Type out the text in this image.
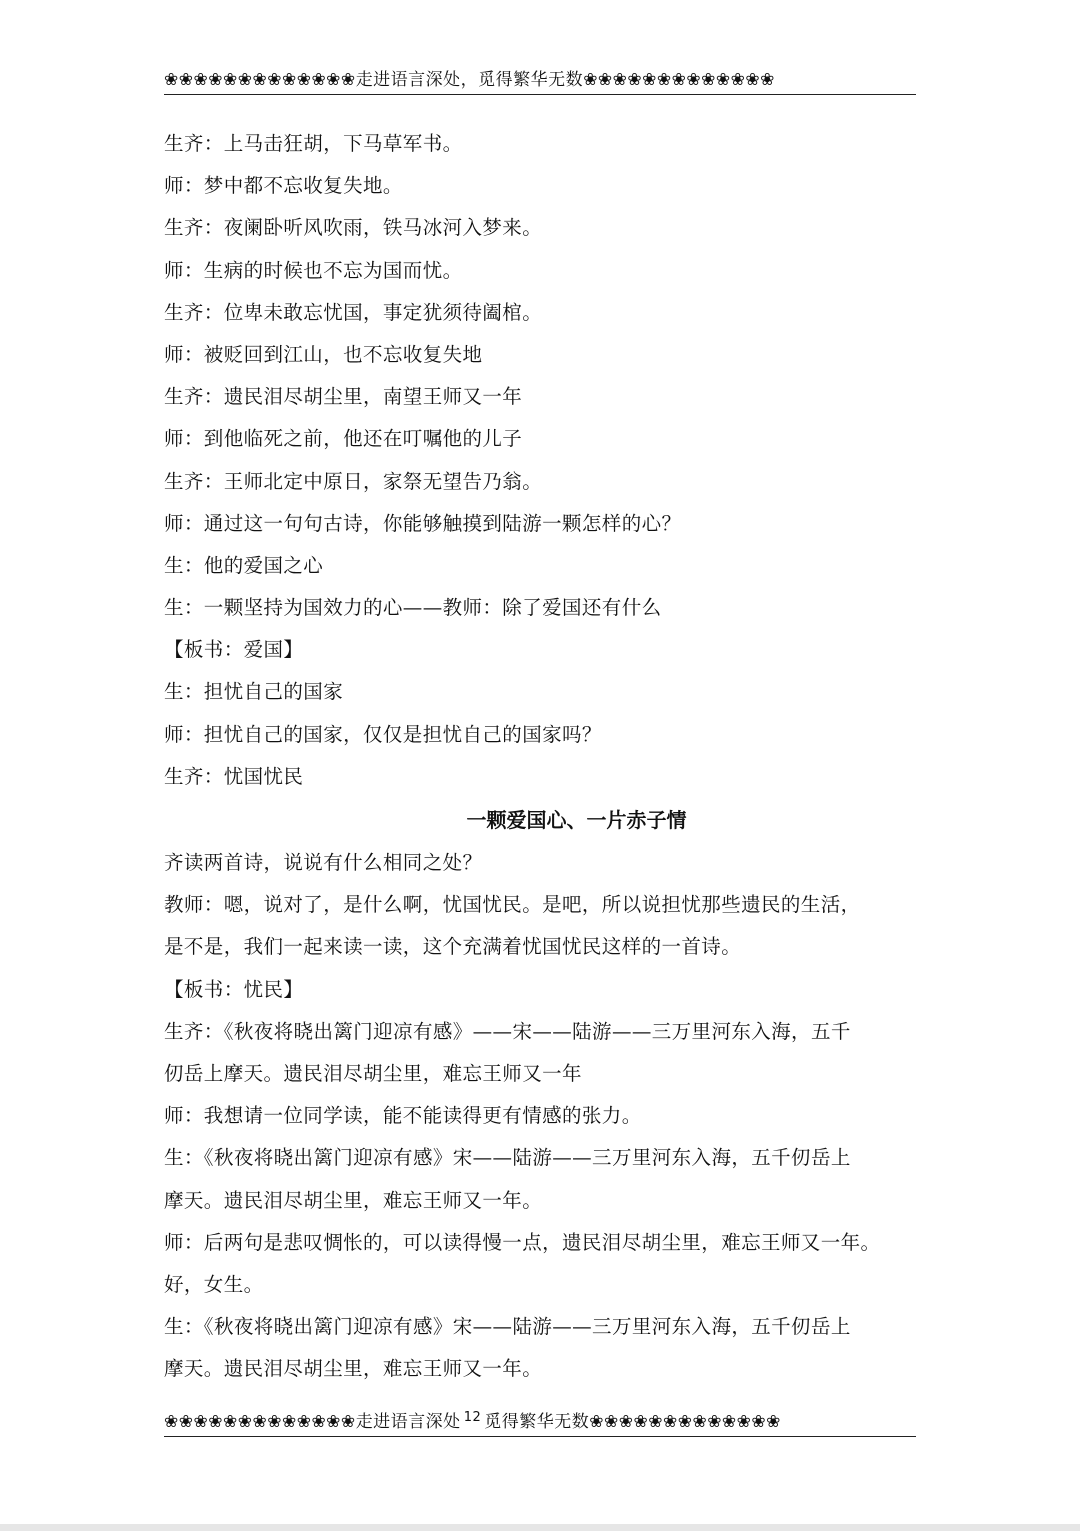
❀❀❀❀❀❀❀❀❀❀❀❀❀走进语言深处，觅得繁华无数❀❀❀❀❀❀❀❀❀❀❀❀❀
生齐：上马击狂胡，下马草军书。
师：梦中都不忘收复失地。
生齐：夜阑卧听风吹雨，铁马冰河入梦来。
师：生病的时候也不忘为国而忧。
生齐：位卑未敢忘忧国，事定犹须待阖棺。
师：被贬回到江山，也不忘收复失地
生齐：遗民泪尽胡尘里，南望王师又一年
师：到他临死之前，他还在叮嘱他的儿子
生齐：王师北定中原日，家祭无望告乃翁。
师：通过这一句句古诗，你能够触摸到陆游一颗怎样的心？
生：他的爱国之心
生：一颗坚持为国效力的心——教师：除了爱国还有什么
【板书：爱国】
生：担忧自己的国家
师：担忧自己的国家，仅仅是担忧自己的国家吗？
生齐：忧国忧民
一颗爱国心、一片赤子情
齐读两首诗，说说有什么相同之处？
教师：嗯，说对了，是什么啊，忧国忧民。是吧，所以说担忧那些遗民的生活，
是不是，我们一起来读一读，这个充满着忧国忧民这样的一首诗。
【板书：忧民】
生齐：《秋夜将晓出篱门迎凉有感》——宋——陆游——三万里河东入海，五千
仞岳上摩天。遗民泪尽胡尘里，难忘王师又一年
师：我想请一位同学读，能不能读得更有情感的张力。
生：《秋夜将晓出篱门迎凉有感》宋——陆游——三万里河东入海，五千仞岳上
摩天。遗民泪尽胡尘里，难忘王师又一年。
师：后两句是悲叹惆怅的，可以读得慢一点，遗民泪尽胡尘里，难忘王师又一年。
好，女生。
生：《秋夜将晓出篱门迎凉有感》宋——陆游——三万里河东入海，五千仞岳上
摩天。遗民泪尽胡尘里，难忘王师又一年。
❀❀❀❀❀❀❀❀❀❀❀❀❀走进语言深处 12 觅得繁华无数❀❀❀❀❀❀❀❀❀❀❀❀❀
